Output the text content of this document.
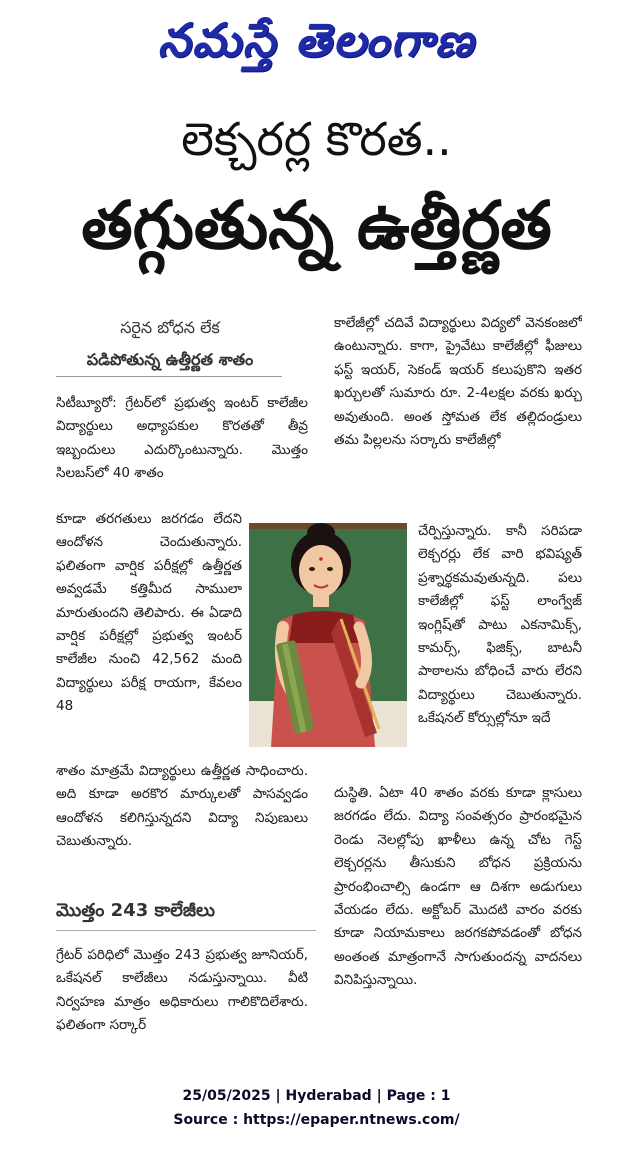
నమస్తే తెలంగాణ
లెక్చరర్ల కొరత..
తగ్గుతున్న ఉత్తీర్ణత
సరైన బోధన లేక
పడిపోతున్న ఉత్తీర్ణత శాతం
సిటీబ్యూరో: గ్రేటర్‌లో ప్రభుత్వ ఇంటర్ కాలేజీల విద్యార్థులు అధ్యాపకుల కొరతతో తీవ్ర ఇబ్బందులు ఎదుర్కొంటున్నారు. మొత్తం సిలబస్‌లో 40 శాతం
కూడా తరగతులు జరగడం లేదని ఆందోళన చెందుతున్నారు. ఫలితంగా వార్షిక పరీక్షల్లో ఉత్తీర్ణత అవ్వడమే కత్తిమీద సాములా మారుతుందని తెలిపారు. ఈ ఏడాది వార్షిక పరీక్షల్లో ప్రభుత్వ ఇంటర్ కాలేజీల నుంచి 42,562 మంది విద్యార్థులు పరీక్ష రాయగా, కేవలం 48
శాతం మాత్రమే విద్యార్థులు ఉత్తీర్ణత సాధించారు. అది కూడా అరకొర మార్కులతో పాసవ్వడం ఆందోళన కలిగిస్తున్నదని విద్యా నిపుణులు చెబుతున్నారు.
మొత్తం 243 కాలేజీలు
గ్రేటర్ పరిధిలో మొత్తం 243 ప్రభుత్వ జూనియర్, ఒకేషనల్ కాలేజీలు నడుస్తున్నాయి. వీటి నిర్వహణ మాత్రం అధికారులు గాలికొదిలేశారు. ఫలితంగా సర్కార్
కాలేజీల్లో చదివే విద్యార్థులు విద్యలో వెనకంజలో ఉంటున్నారు. కాగా, ప్రైవేటు కాలేజీల్లో ఫీజులు ఫస్ట్ ఇయర్, సెకండ్ ఇయర్ కలుపుకొని ఇతర ఖర్చులతో సుమారు రూ. 2-4లక్షల వరకు ఖర్చు అవుతుంది. అంత స్తోమత లేక తల్లిదండ్రులు తమ పిల్లలను సర్కారు కాలేజీల్లో
చేర్పిస్తున్నారు. కానీ సరిపడా లెక్చరర్లు లేక వారి భవిష్యత్ ప్రశ్నార్థకమవుతున్నది. పలు కాలేజీల్లో ఫస్ట్ లాంగ్వేజ్ ఇంగ్లిష్‌తో పాటు ఎకనామిక్స్, కామర్స్, ఫిజిక్స్, బాటనీ పాఠాలను బోధించే వారు లేరని విద్యార్థులు చెబుతున్నారు. ఒకేషనల్ కోర్సుల్లోనూ ఇదే
దుస్థితి. ఏటా 40 శాతం వరకు కూడా క్లాసులు జరగడం లేదు. విద్యా సంవత్సరం ప్రారంభమైన రెండు నెలల్లోపు ఖాళీలు ఉన్న చోట గెస్ట్ లెక్చరర్లను తీసుకుని బోధన ప్రక్రియను ప్రారంభించాల్సి ఉండగా ఆ దిశగా అడుగులు వేయడం లేదు. అక్టోబర్ మొదటి వారం వరకు కూడా నియామకాలు జరగకపోవడంతో బోధన అంతంత మాత్రంగానే సాగుతుందన్న వాదనలు వినిపిస్తున్నాయి.
25/05/2025 | Hyderabad | Page : 1
Source : https://epaper.ntnews.com/
